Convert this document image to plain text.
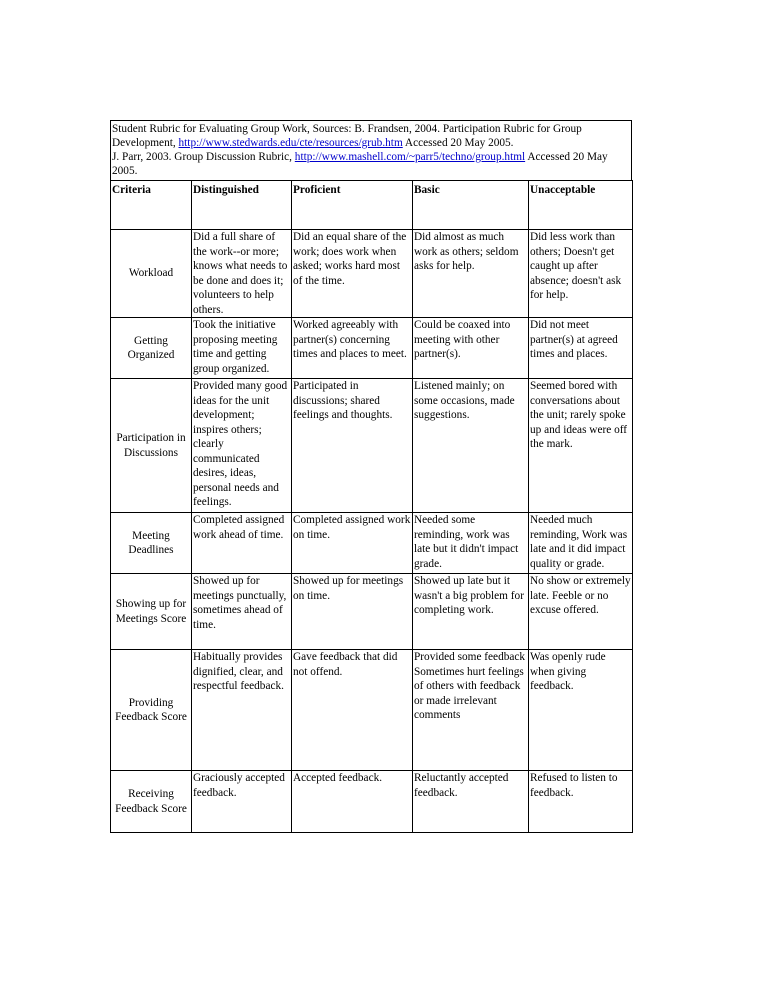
Student Rubric for Evaluating Group Work, Sources: B. Frandsen, 2004. Participation Rubric for Group Development, http://www.stedwards.edu/cte/resources/grub.htm Accessed 20 May 2005.
J. Parr, 2003. Group Discussion Rubric, http://www.mashell.com/~parr5/techno/group.html Accessed 20 May 2005.
Criteria	Distinguished	Proficient	Basic	Unacceptable
Workload	Did a full share of the work--or more; knows what needs to be done and does it; volunteers to help others.	Did an equal share of the work; does work when asked; works hard most of the time.	Did almost as much work as others; seldom asks for help.	Did less work than others; Doesn't get caught up after absence; doesn't ask for help.
Getting Organized	Took the initiative proposing meeting time and getting group organized.	Worked agreeably with partner(s) concerning times and places to meet.	Could be coaxed into meeting with other partner(s).	Did not meet partner(s) at agreed times and places.
Participation in Discussions	Provided many good ideas for the unit development; inspires others; clearly communicated desires, ideas, personal needs and feelings.	Participated in discussions; shared feelings and thoughts.	Listened mainly; on some occasions, made suggestions.	Seemed bored with conversations about the unit; rarely spoke up and ideas were off the mark.
Meeting Deadlines	Completed assigned work ahead of time.	Completed assigned work on time.	Needed some reminding, work was late but it didn't impact grade.	Needed much reminding, Work was late and it did impact quality or grade.
Showing up for Meetings Score	Showed up for meetings punctually, sometimes ahead of time.	Showed up for meetings on time.	Showed up late but it wasn't a big problem for completing work.	No show or extremely late. Feeble or no excuse offered.
Providing Feedback Score	Habitually provides dignified, clear, and respectful feedback.	Gave feedback that did not offend.	Provided some feedback Sometimes hurt feelings of others with feedback or made irrelevant comments	Was openly rude when giving feedback.
Receiving Feedback Score	Graciously accepted feedback.	Accepted feedback.	Reluctantly accepted feedback.	Refused to listen to feedback.
